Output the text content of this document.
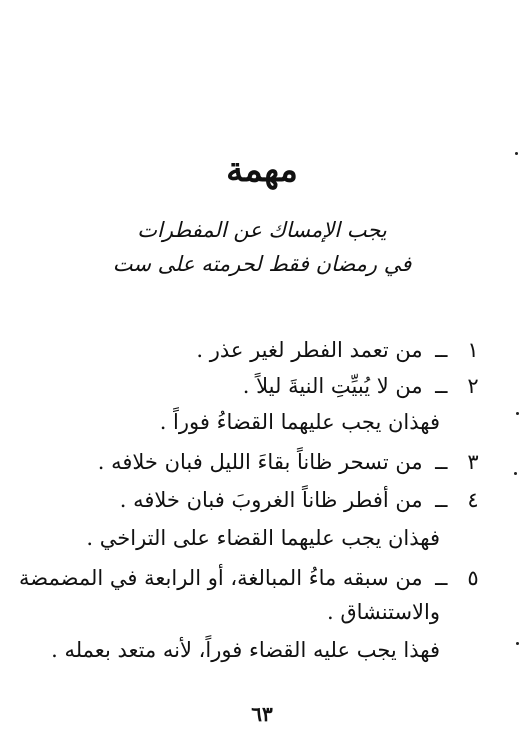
مهمة
يجب الإمساك عن المفطرات
في رمضان فقط لحرمته على ست
١ ــ من تعمد الفطر لغير عذر .
٢ ــ من لا يُبيِّتِ النيةَ ليلاً .
فهذان يجب عليهما القضاءُ فوراً .
٣ ــ من تسحر ظاناً بقاءَ الليل فبان خلافه .
٤ ــ من أفطر ظاناً الغروبَ فبان خلافه .
فهذان يجب عليهما القضاء على التراخي .
٥ ــ من سبقه ماءُ المبالغة، أو الرابعة في المضمضة
والاستنشاق .
فهذا يجب عليه القضاء فوراً، لأنه متعد بعمله .
٦٣
